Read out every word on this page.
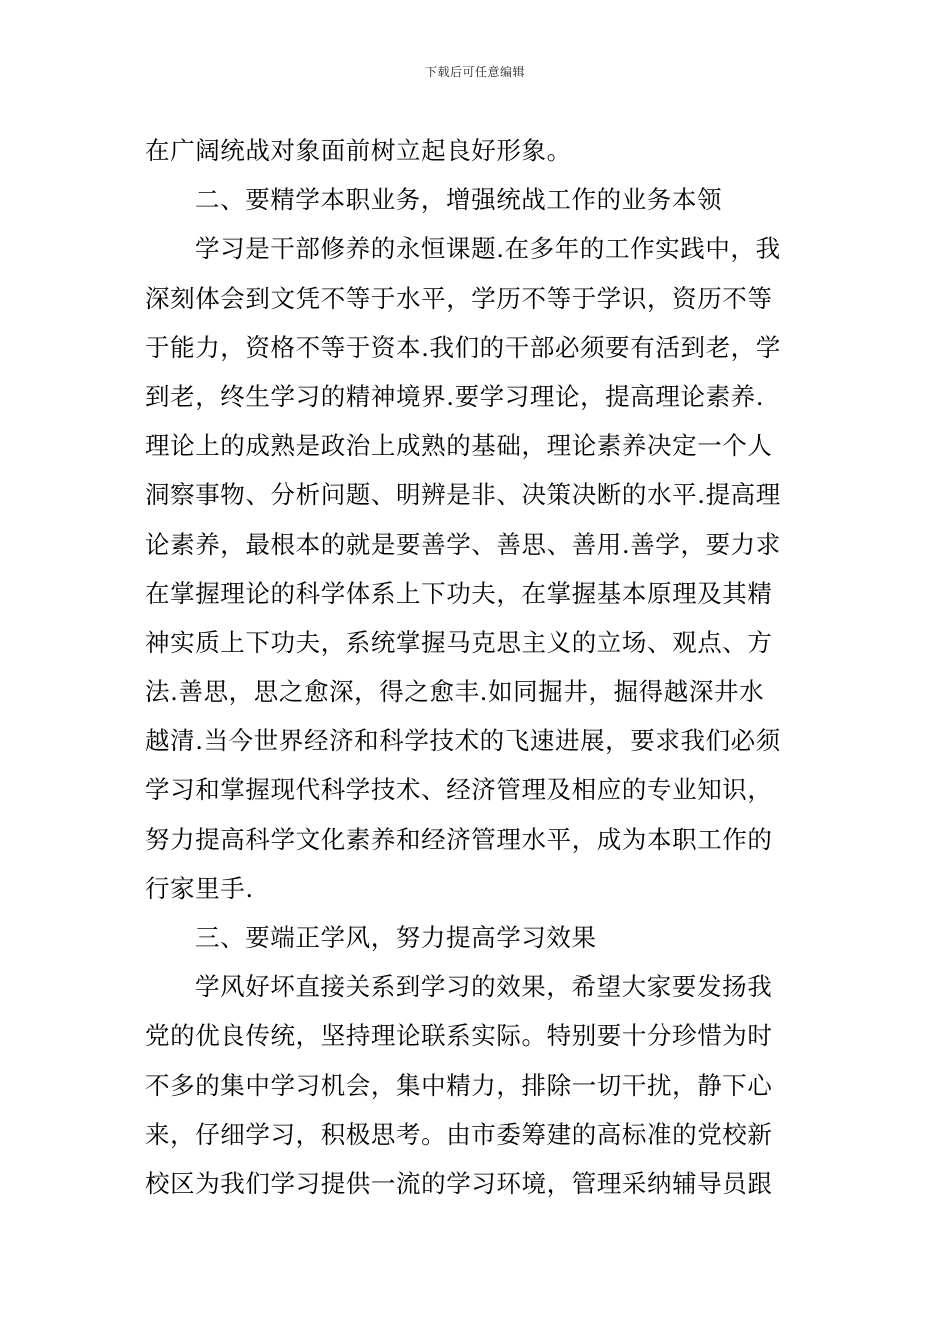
下载后可任意编辑
在广阔统战对象面前树立起良好形象。
二、要精学本职业务，增强统战工作的业务本领
学习是干部修养的永恒课题.在多年的工作实践中，我
深刻体会到文凭不等于水平，学历不等于学识，资历不等
于能力，资格不等于资本.我们的干部必须要有活到老，学
到老，终生学习的精神境界.要学习理论，提高理论素养.
理论上的成熟是政治上成熟的基础，理论素养决定一个人
洞察事物、分析问题、明辨是非、决策决断的水平.提高理
论素养，最根本的就是要善学、善思、善用.善学，要力求
在掌握理论的科学体系上下功夫，在掌握基本原理及其精
神实质上下功夫，系统掌握马克思主义的立场、观点、方
法.善思，思之愈深，得之愈丰.如同掘井，掘得越深井水
越清.当今世界经济和科学技术的飞速进展，要求我们必须
学习和掌握现代科学技术、经济管理及相应的专业知识，
努力提高科学文化素养和经济管理水平，成为本职工作的
行家里手.
三、要端正学风，努力提高学习效果
学风好坏直接关系到学习的效果，希望大家要发扬我
党的优良传统，坚持理论联系实际。特别要十分珍惜为时
不多的集中学习机会，集中精力，排除一切干扰，静下心
来，仔细学习，积极思考。由市委筹建的高标准的党校新
校区为我们学习提供一流的学习环境，管理采纳辅导员跟
